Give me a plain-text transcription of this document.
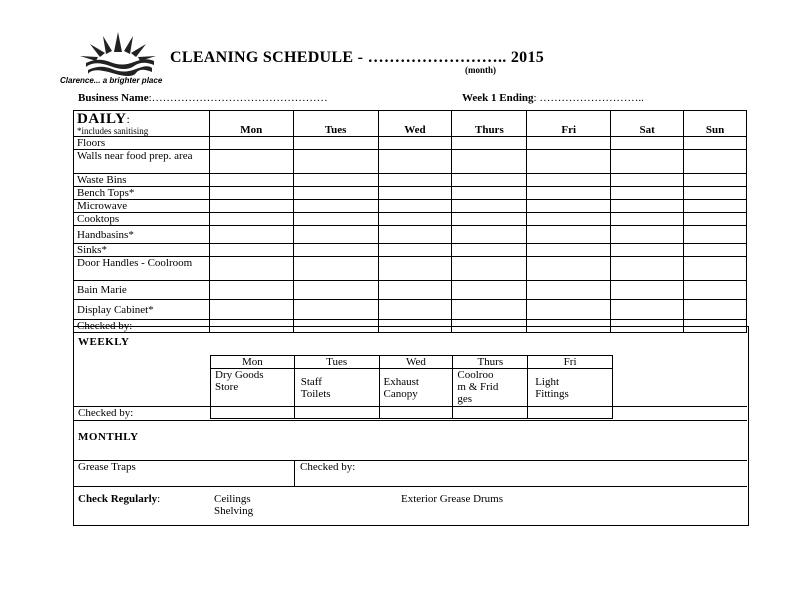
Clarence... a brighter place
CLEANING SCHEDULE - …………………….. 2015
(month)
Business Name:…………………………………………	Week 1 Ending: ………………………..
DAILY:
*includes sanitising	Mon	Tues	Wed	Thurs	Fri	Sat	Sun
Floors							
Walls near food prep. area							
Waste Bins							
Bench Tops*							
Microwave							
Cooktops							
Handbasins*							
Sinks*							
Door Handles - Coolroom							
Bain Marie							
Display Cabinet*							
Checked by:							
WEEKLY
Mon	Tues	Wed	Thurs	Fri

Dry Goods Store	Staff Toilets	Exhaust Canopy	Coolroo m & Fridges	Light Fittings

Checked by:
MONTHLY
Grease Traps	Checked by:
Check Regularly:	Ceilings
Shelving
Exterior Grease Drums
